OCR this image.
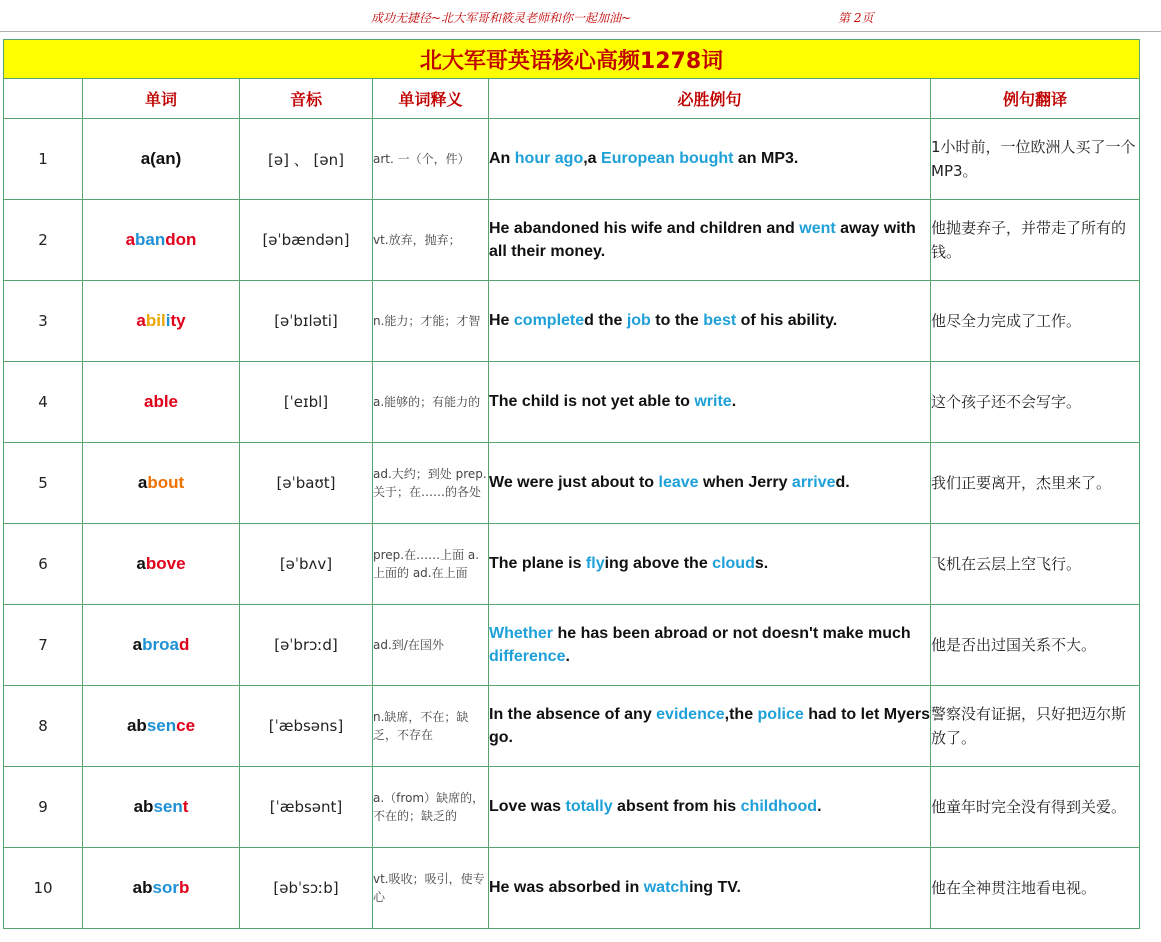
成功无捷径~北大军哥和筱灵老师和你一起加油~	第 2页
北大军哥英语核心高频1278词					
	单词	音标	单词释义	必胜例句	例句翻译
1	a(an)	[ə] 、 [ən]	art. 一（个，件）	An hour ago,a European bought an MP3.	1小时前，一位欧洲人买了一个MP3。
2	abandon	[əˈbændən]	vt.放弃，抛弃；	He abandoned his wife and children and went away with all their money.	他抛妻弃子，并带走了所有的钱。
3	ability	[əˈbɪləti]	n.能力；才能；才智	He completed the job to the best of his ability.	他尽全力完成了工作。
4	able	[ˈeɪbl]	a.能够的；有能力的	The child is not yet able to write.	这个孩子还不会写字。
5	about	[əˈbaʊt]	ad.大约；到处 prep.关于；在……的各处	We were just about to leave when Jerry arrived.	我们正要离开，杰里来了。
6	above	[əˈbʌv]	prep.在……上面 a.上面的 ad.在上面	The plane is flying above the clouds.	飞机在云层上空飞行。
7	abroad	[əˈbrɔːd]	ad.到/在国外	Whether he has been abroad or not doesn't make much difference.	他是否出过国关系不大。
8	absence	[ˈæbsəns]	n.缺席，不在；缺乏，不存在	In the absence of any evidence,the police had to let Myers go.	警察没有证据，只好把迈尔斯放了。
9	absent	[ˈæbsənt]	a.（from）缺席的，不在的；缺乏的	Love was totally absent from his childhood.	他童年时完全没有得到关爱。
10	absorb	[əbˈsɔːb]	vt.吸收；吸引，使专心	He was absorbed in watching TV.	他在全神贯注地看电视。
